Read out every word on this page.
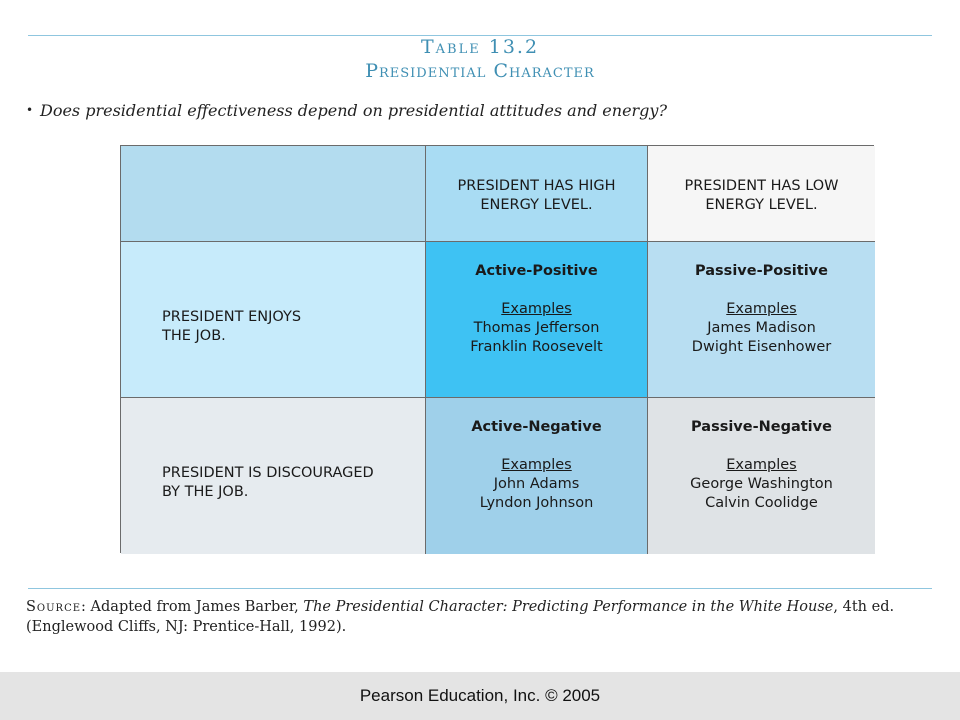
Table 13.2
Presidential Character
• Does presidential effectiveness depend on presidential attitudes and energy?
PRESIDENT HAS HIGH
ENERGY LEVEL.
PRESIDENT HAS LOW
ENERGY LEVEL.
PRESIDENT ENJOYS
THE JOB.
Active-Positive
Examples
Thomas Jefferson
Franklin Roosevelt
Passive-Positive
Examples
James Madison
Dwight Eisenhower
PRESIDENT IS DISCOURAGED
BY THE JOB.
Active-Negative
Examples
John Adams
Lyndon Johnson
Passive-Negative
Examples
George Washington
Calvin Coolidge
Source: Adapted from James Barber, The Presidential Character: Predicting Performance in the White House, 4th ed. (Englewood Cliffs, NJ: Prentice-Hall, 1992).
Pearson Education, Inc. © 2005
